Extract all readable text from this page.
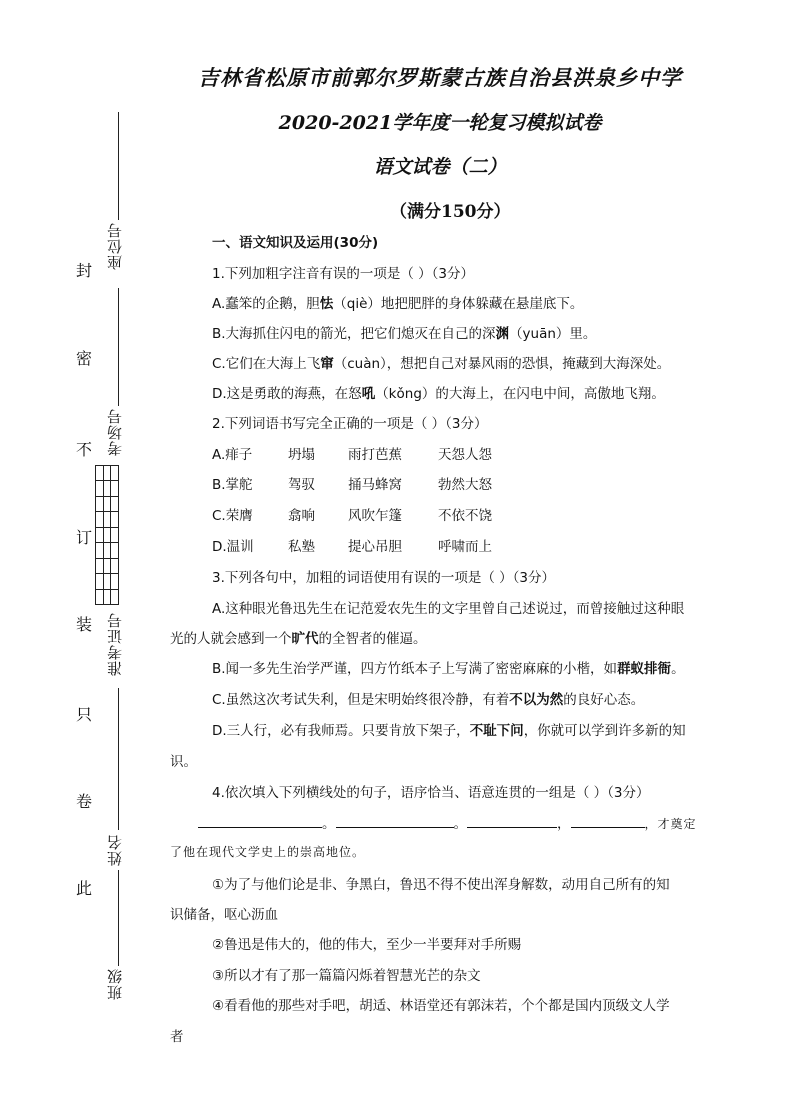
座位号
考场号
准考证号
姓名
班级
封
密
不
订
装
只
卷
此
吉林省松原市前郭尔罗斯蒙古族自治县洪泉乡中学
2020-2021学年度一轮复习模拟试卷
语文试卷（二）
（满分150分）
一、语文知识及运用(30分)
1.下列加粗字注音有误的一项是（ ）（3分）
A.蠢笨的企鹅，胆怯（qiè）地把肥胖的身体躲藏在悬崖底下。
B.大海抓住闪电的箭光，把它们熄灭在自己的深渊（yuān）里。
C.它们在大海上飞窜（cuàn），想把自己对暴风雨的恐惧，掩藏到大海深处。
D.这是勇敢的海燕，在怒吼（kǒng）的大海上，在闪电中间，高傲地飞翔。
2.下列词语书写完全正确的一项是（ ）（3分）
A.痱子	坍塌 雨打芭蕉	天怨人怨
B.掌舵	驾驭 捅马蜂窝	勃然大怒
C.荣膺	翕响 风吹乍篷	不依不饶
D.温训	私塾 提心吊胆	呼啸而上
3.下列各句中，加粗的词语使用有误的一项是（ ）（3分）
A.这种眼光鲁迅先生在记范爱农先生的文字里曾自己述说过，而曾接触过这种眼
光的人就会感到一个旷代的全智者的催逼。
B.闻一多先生治学严谨，四方竹纸本子上写满了密密麻麻的小楷，如群蚁排衙。
C.虽然这次考试失利，但是宋明始终很冷静，有着不以为然的良好心态。
D.三人行，必有我师焉。只要肯放下架子，不耻下问，你就可以学到许多新的知
识。
4.依次填入下列横线处的句子，语序恰当、语意连贯的一组是（ ）（3分）
。	。	，	，才奠定
了他在现代文学史上的崇高地位。
①为了与他们论是非、争黑白，鲁迅不得不使出浑身解数，动用自己所有的知
识储备，呕心沥血
②鲁迅是伟大的，他的伟大，至少一半要拜对手所赐
③所以才有了那一篇篇闪烁着智慧光芒的杂文
④看看他的那些对手吧，胡适、林语堂还有郭沫若，个个都是国内顶级文人学
者
